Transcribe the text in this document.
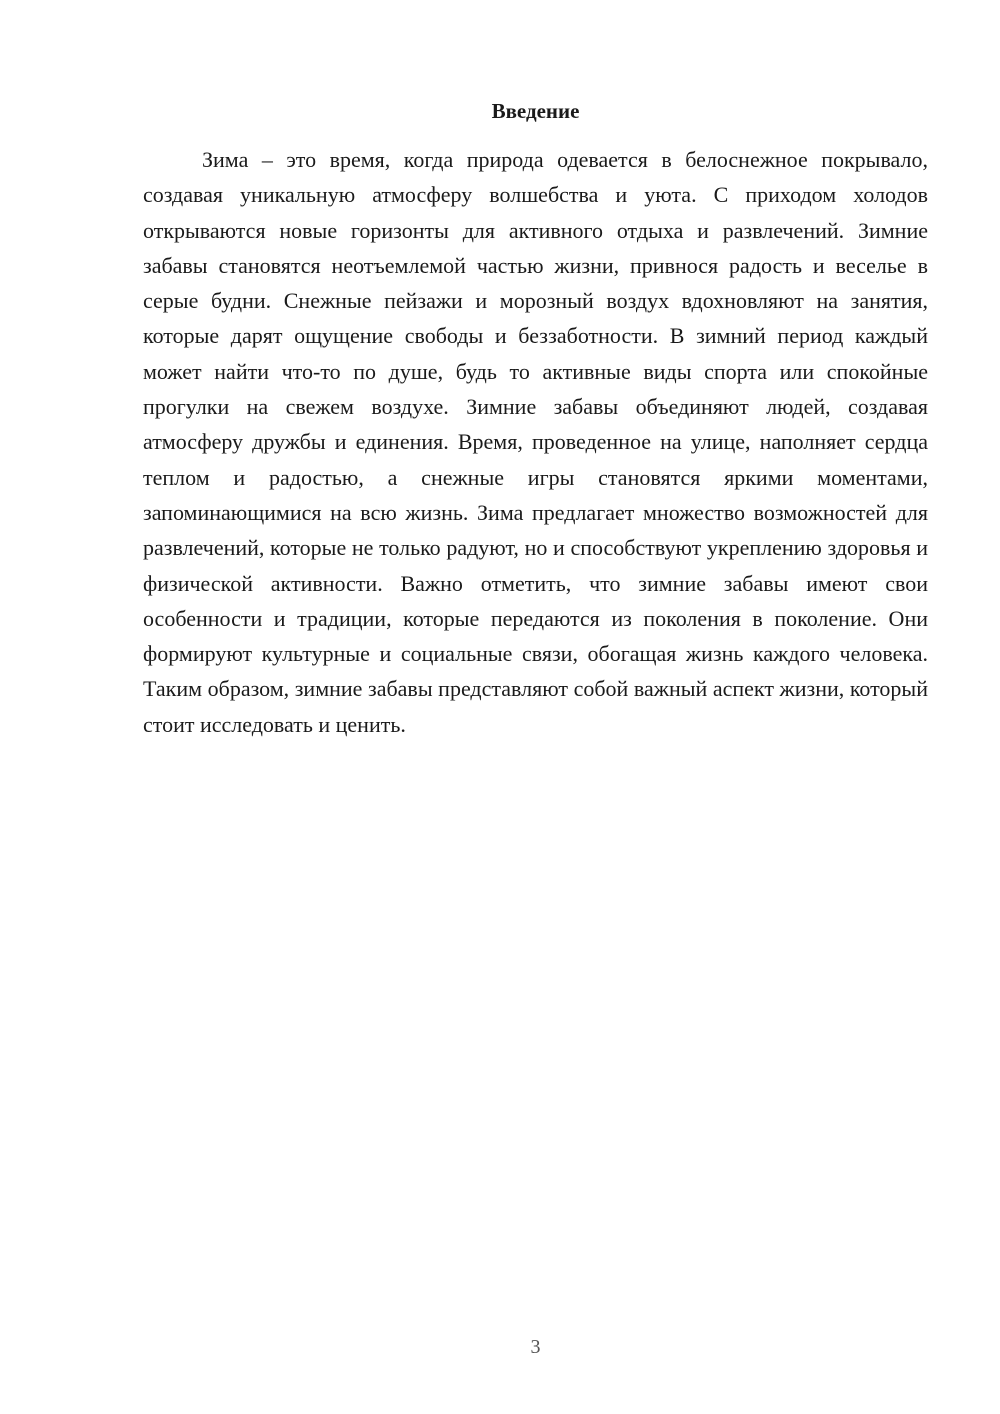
Введение

Зима – это время, когда природа одевается в белоснежное покрывало, создавая уникальную атмосферу волшебства и уюта. С приходом холодов открываются новые горизонты для активного отдыха и развлечений. Зимние забавы становятся неотъемлемой частью жизни, привнося радость и веселье в серые будни. Снежные пейзажи и морозный воздух вдохновляют на занятия, которые дарят ощущение свободы и беззаботности. В зимний период каждый может найти что-то по душе, будь то активные виды спорта или спокойные прогулки на свежем воздухе. Зимние забавы объединяют людей, создавая атмосферу дружбы и единения. Время, проведенное на улице, наполняет сердца теплом и радостью, а снежные игры становятся яркими моментами, запоминающимися на всю жизнь. Зима предлагает множество возможностей для развлечений, которые не только радуют, но и способствуют укреплению здоровья и физической активности. Важно отметить, что зимние забавы имеют свои особенности и традиции, которые передаются из поколения в поколение. Они формируют культурные и социальные связи, обогащая жизнь каждого человека. Таким образом, зимние забавы представляют собой важный аспект жизни, который стоит исследовать и ценить.

3
